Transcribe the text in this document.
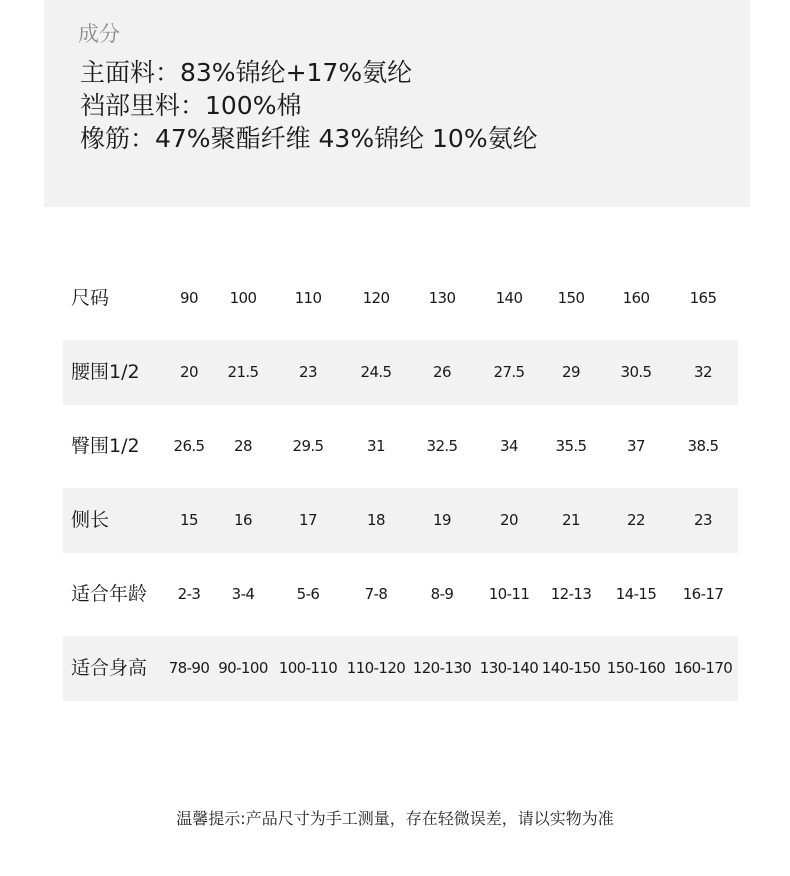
成分
主面料：83%锦纶+17%氨纶
裆部里料：100%棉
橡筋：47%聚酯纤维 43%锦纶 10%氨纶
尺码	90	100	110	120	130	140	150	160	165
腰围1/2	20	21.5	23	24.5	26	27.5	29	30.5	32
臀围1/2	26.5	28	29.5	31	32.5	34	35.5	37	38.5
侧长	15	16	17	18	19	20	21	22	23
适合年龄	2-3	3-4	5-6	7-8	8-9	10-11	12-13	14-15	16-17
适合身高	78-90 90-100 100-110 110-120 120-130 130-140 140-150 150-160 160-170
温馨提示:产品尺寸为手工测量，存在轻微误差，请以实物为准
